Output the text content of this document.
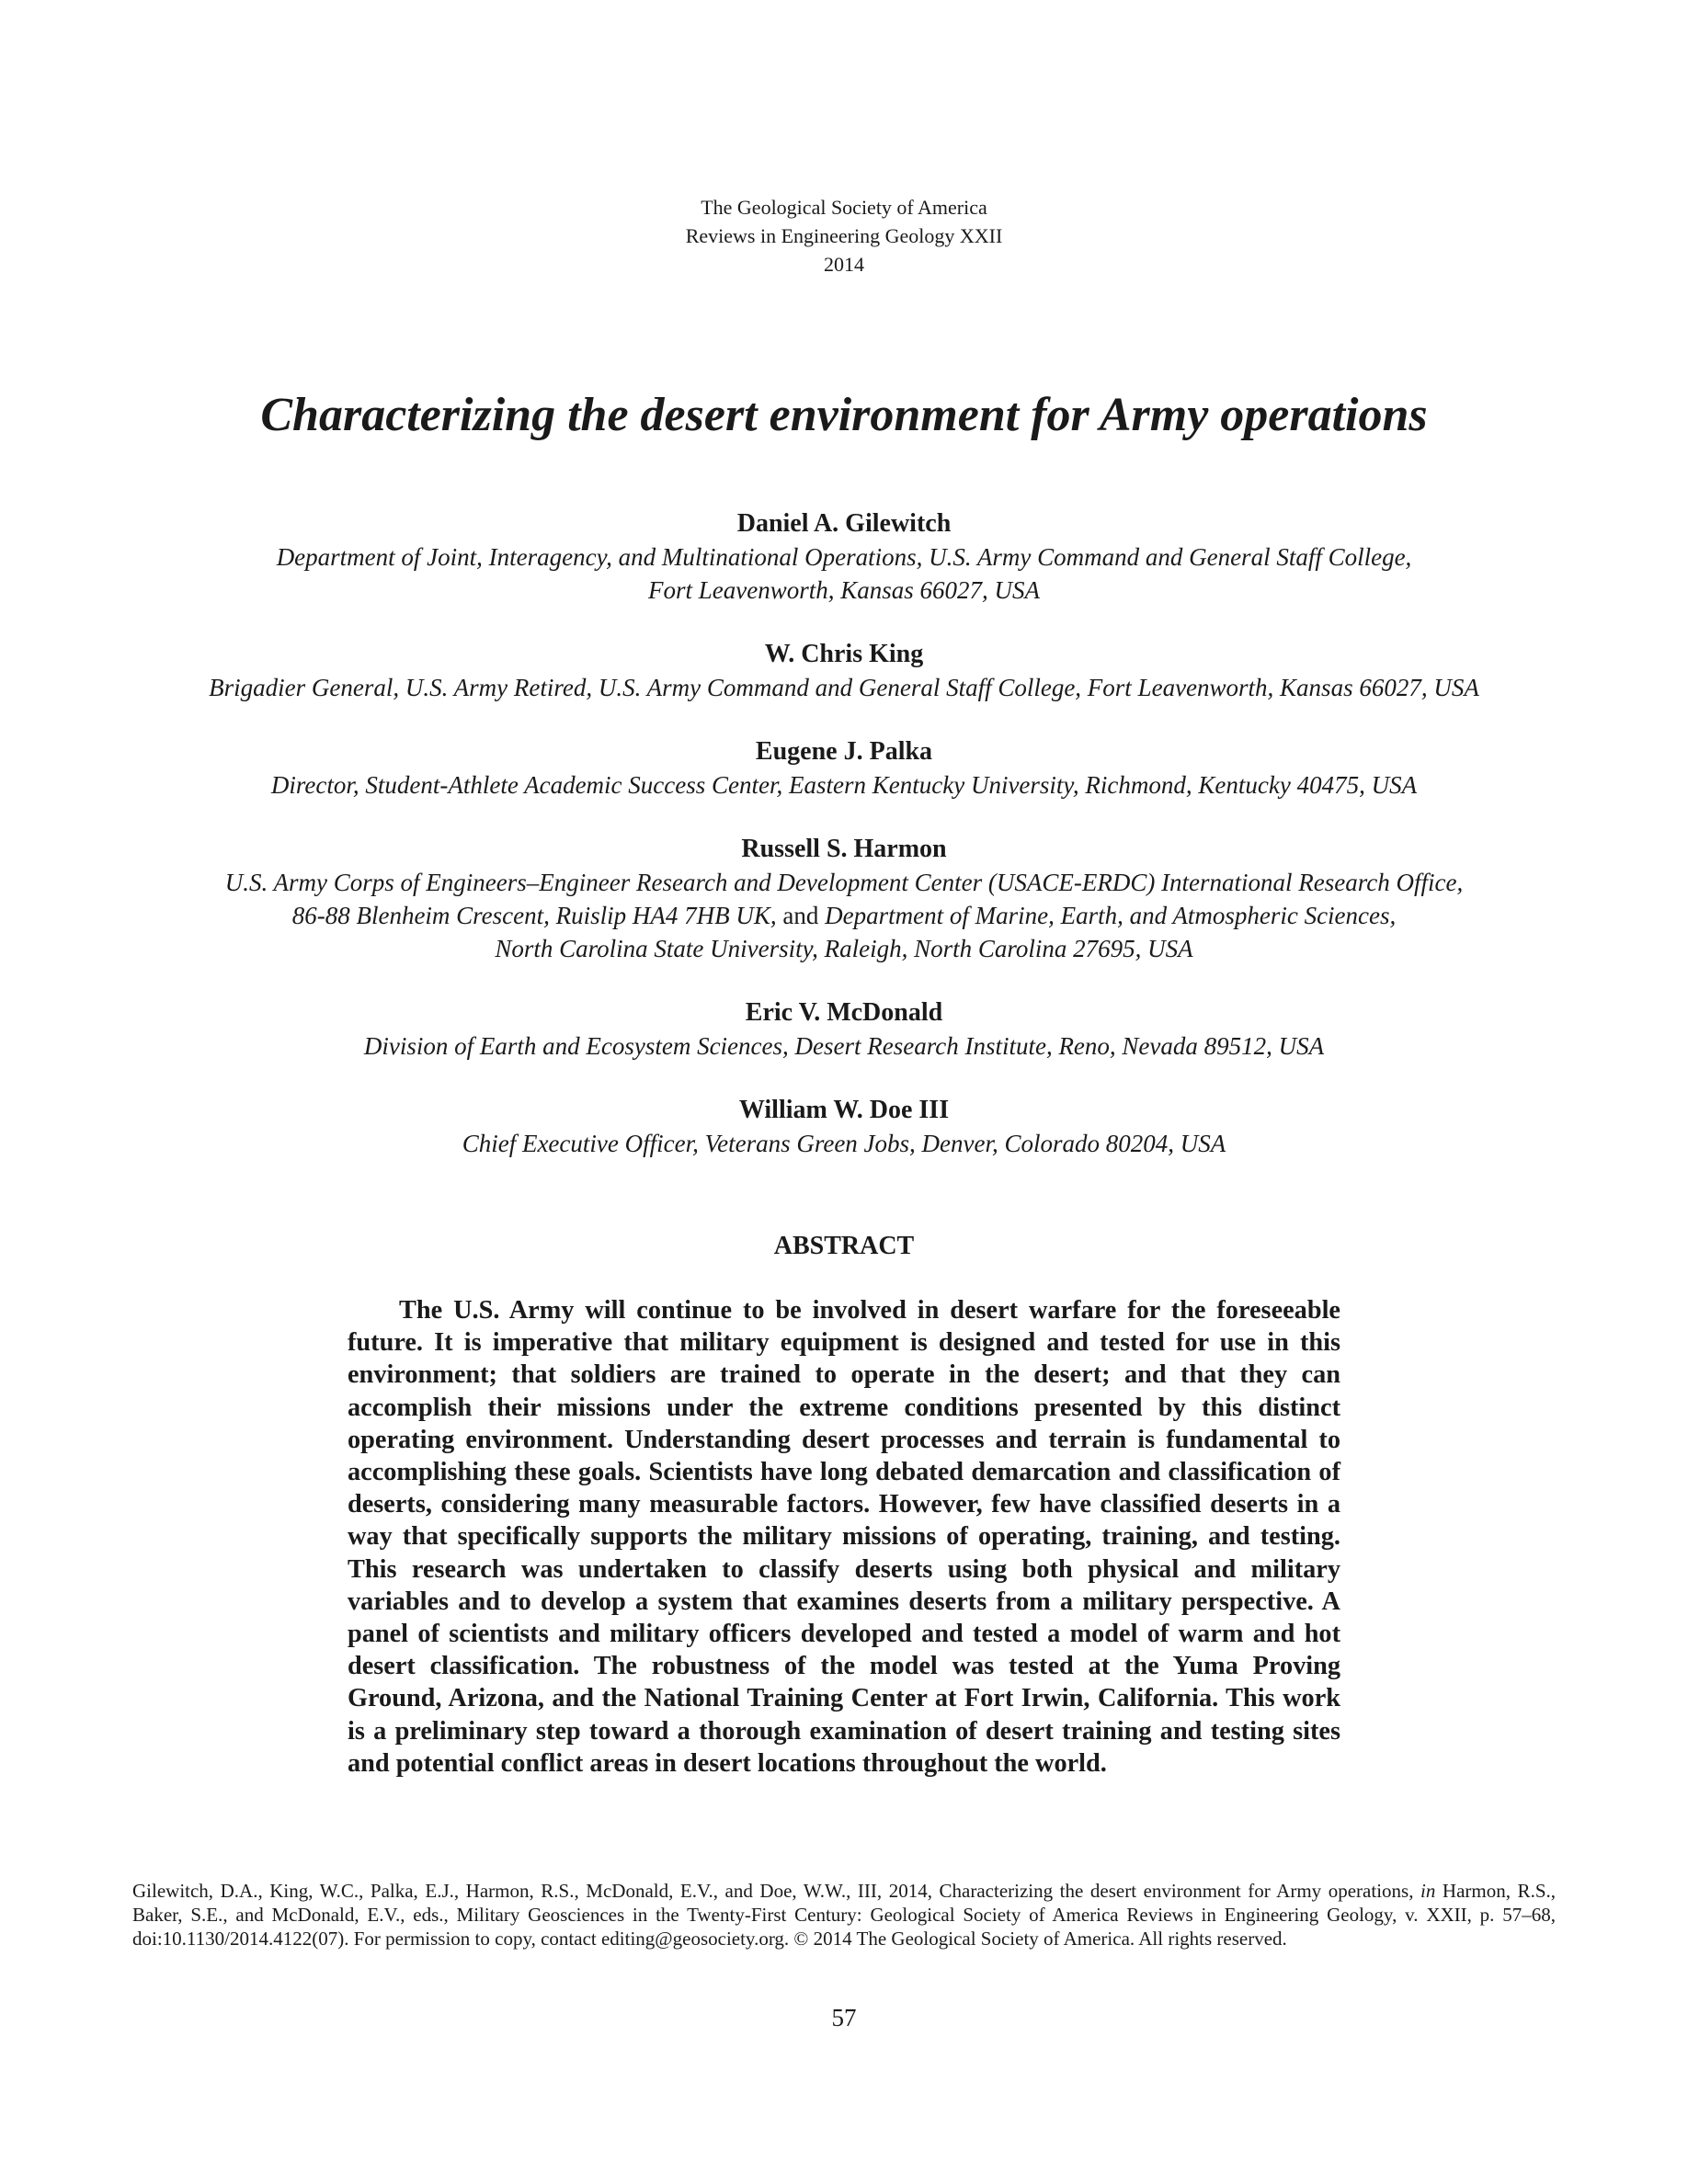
The Geological Society of America
Reviews in Engineering Geology XXII
2014
Characterizing the desert environment for Army operations
Daniel A. Gilewitch
Department of Joint, Interagency, and Multinational Operations, U.S. Army Command and General Staff College,
Fort Leavenworth, Kansas 66027, USA
W. Chris King
Brigadier General, U.S. Army Retired, U.S. Army Command and General Staff College, Fort Leavenworth, Kansas 66027, USA
Eugene J. Palka
Director, Student-Athlete Academic Success Center, Eastern Kentucky University, Richmond, Kentucky 40475, USA
Russell S. Harmon
U.S. Army Corps of Engineers–Engineer Research and Development Center (USACE-ERDC) International Research Office,
86-88 Blenheim Crescent, Ruislip HA4 7HB UK, and Department of Marine, Earth, and Atmospheric Sciences,
North Carolina State University, Raleigh, North Carolina 27695, USA
Eric V. McDonald
Division of Earth and Ecosystem Sciences, Desert Research Institute, Reno, Nevada 89512, USA
William W. Doe III
Chief Executive Officer, Veterans Green Jobs, Denver, Colorado 80204, USA
ABSTRACT

The U.S. Army will continue to be involved in desert warfare for the foreseeable future. It is imperative that military equipment is designed and tested for use in this environment; that soldiers are trained to operate in the desert; and that they can accomplish their missions under the extreme conditions presented by this distinct operating environment. Understanding desert processes and terrain is fundamental to accomplishing these goals. Scientists have long debated demarcation and classification of deserts, considering many measurable factors. However, few have classified deserts in a way that specifically supports the military missions of operating, training, and testing. This research was undertaken to classify deserts using both physical and military variables and to develop a system that examines deserts from a military perspective. A panel of scientists and military officers developed and tested a model of warm and hot desert classification. The robustness of the model was tested at the Yuma Proving Ground, Arizona, and the National Training Center at Fort Irwin, California. This work is a preliminary step toward a thorough examination of desert training and testing sites and potential conflict areas in desert locations throughout the world.

Gilewitch, D.A., King, W.C., Palka, E.J., Harmon, R.S., McDonald, E.V., and Doe, W.W., III, 2014, Characterizing the desert environment for Army operations, in Harmon, R.S., Baker, S.E., and McDonald, E.V., eds., Military Geosciences in the Twenty-First Century: Geological Society of America Reviews in Engineering Geology, v. XXII, p. 57–68, doi:10.1130/2014.4122(07). For permission to copy, contact editing@geosociety.org. © 2014 The Geological Society of America. All rights reserved.

57
